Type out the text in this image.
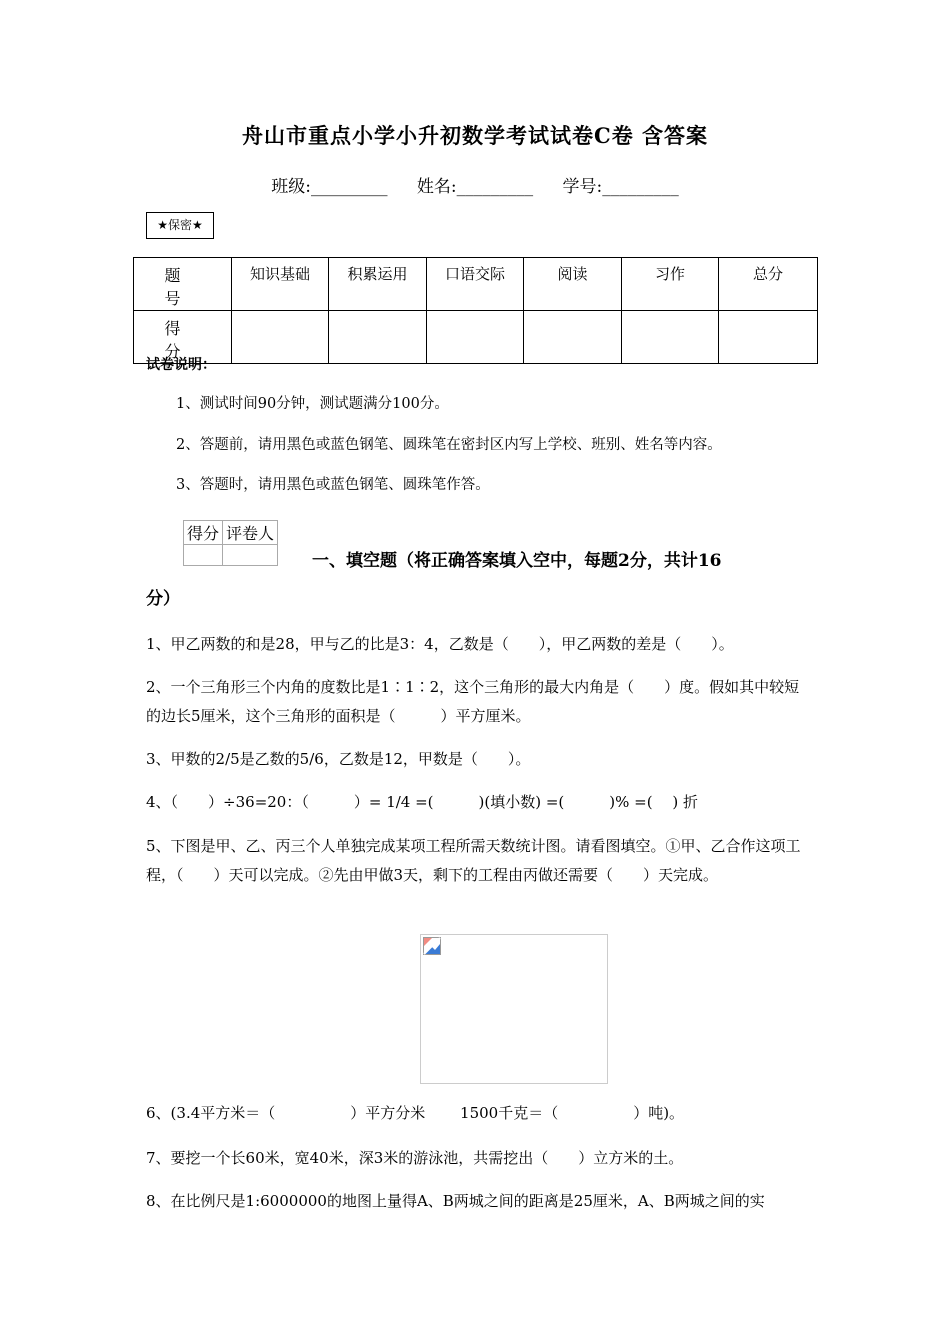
舟山市重点小学小升初数学考试试卷C卷 含答案
班级:_________ 姓名:_________ 学号:_________
★保密★
题　号	知识基础	积累运用	口语交际	阅读	习作	总分
得　分						
试卷说明：
1、测试时间90分钟，测试题满分100分。
2、答题前，请用黑色或蓝色钢笔、圆珠笔在密封区内写上学校、班别、姓名等内容。
3、答题时，请用黑色或蓝色钢笔、圆珠笔作答。
得分	评卷人

一、填空题（将正确答案填入空中，每题2分，共计16
分）
1、甲乙两数的和是28，甲与乙的比是3：4，乙数是（　　），甲乙两数的差是（　　）。
2、一个三角形三个内角的度数比是1∶1∶2，这个三角形的最大内角是（　　）度。假如其中较短的边长5厘米，这个三角形的面积是（　　　）平方厘米。
3、甲数的2/5是乙数的5/6，乙数是12，甲数是（　　）。
4、（　　）÷36=20：（　　　）= 1/4 =(　　　)(填小数) =(　　　)% =(　 ) 折
5、下图是甲、乙、丙三个人单独完成某项工程所需天数统计图。请看图填空。①甲、乙合作这项工程，（　　）天可以完成。②先由甲做3天，剩下的工程由丙做还需要（　　）天完成。
6、(3.4平方米＝（　　　　　）平方分米　　 1500千克＝（　　　　　）吨)。
7、要挖一个长60米，宽40米，深3米的游泳池，共需挖出（　　）立方米的土。
8、在比例尺是1:6000000的地图上量得A、B两城之间的距离是25厘米，A、B两城之间的实
